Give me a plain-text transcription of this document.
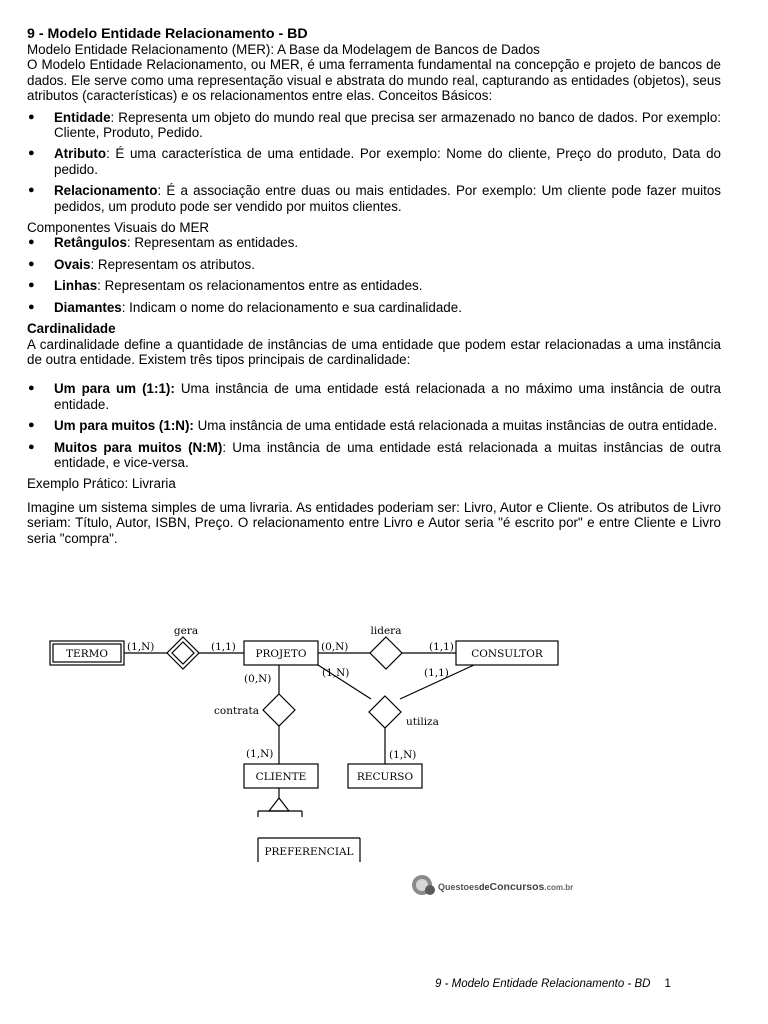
9 - Modelo Entidade Relacionamento - BD

Modelo Entidade Relacionamento (MER): A Base da Modelagem de Bancos de Dados

O Modelo Entidade Relacionamento, ou MER, é uma ferramenta fundamental na concepção e projeto de bancos de dados. Ele serve como uma representação visual e abstrata do mundo real, capturando as entidades (objetos), seus atributos (características) e os relacionamentos entre elas. Conceitos Básicos:

● Entidade: Representa um objeto do mundo real que precisa ser armazenado no banco de dados. Por exemplo: Cliente, Produto, Pedido.
● Atributo: É uma característica de uma entidade. Por exemplo: Nome do cliente, Preço do produto, Data do pedido.
● Relacionamento: É a associação entre duas ou mais entidades. Por exemplo: Um cliente pode fazer muitos pedidos, um produto pode ser vendido por muitos clientes.

Componentes Visuais do MER

● Retângulos: Representam as entidades.
● Ovais: Representam os atributos.
● Linhas: Representam os relacionamentos entre as entidades.
● Diamantes: Indicam o nome do relacionamento e sua cardinalidade.

Cardinalidade

A cardinalidade define a quantidade de instâncias de uma entidade que podem estar relacionadas a uma instância de outra entidade. Existem três tipos principais de cardinalidade:

● Um para um (1:1): Uma instância de uma entidade está relacionada a no máximo uma instância de outra entidade.
● Um para muitos (1:N): Uma instância de uma entidade está relacionada a muitas instâncias de outra entidade.
● Muitos para muitos (N:M): Uma instância de uma entidade está relacionada a muitas instâncias de outra entidade, e vice-versa.

Exemplo Prático: Livraria

Imagine um sistema simples de uma livraria. As entidades poderiam ser: Livro, Autor e Cliente. Os atributos de Livro seriam: Título, Autor, ISBN, Preço. O relacionamento entre Livro e Autor seria "é escrito por" e entre Cliente e Livro seria "compra".

TERMO	PROJETO	CONSULTOR
CLIENTE	RECURSO
PREFERENCIAL
gera	lidera
contrata
utiliza
(1,N)	(1,1)	(0,N)	(1,1)
(0,N)
(1,N)
(1,N)	(1,1)
(1,N)
QuestoesdeConcursos.com.br
9 - Modelo Entidade Relacionamento - BD 1
